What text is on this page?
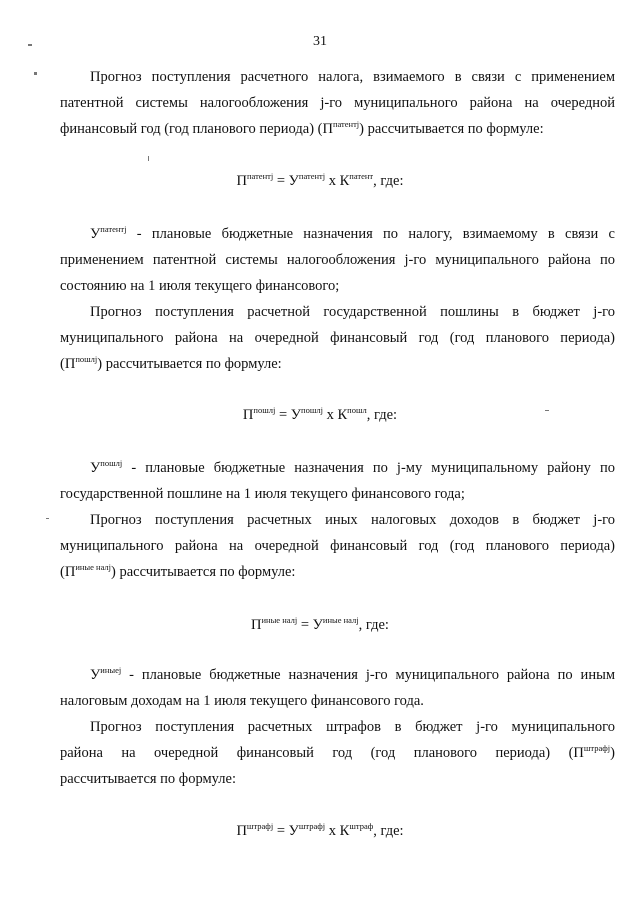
31
Прогноз поступления расчетного налога, взимаемого в связи с применением
патентной системы налогообложения j-го муниципального района на очередной
финансовый год (год планового периода) $(П^{патентj})$ рассчитывается по формуле:
$П^{патентj} = У^{патентj}$ х $К^{патент}$, где:
$У^{патентj}$ - плановые бюджетные назначения по налогу, взимаемому в связи с
применением патентной системы налогообложения j-го муниципального района по
состоянию на 1 июля текущего финансового;
Прогноз поступления расчетной государственной пошлины в бюджет j-го
муниципального района на очередной финансовый год (год планового периода)
$(П^{пошлj})$ рассчитывается по формуле:
$П^{пошлj} = У^{пошлj}$ х $К^{пошл}$, где:
$У^{пошлj}$ - плановые бюджетные назначения по j-му муниципальному району по
государственной пошлине на 1 июля текущего финансового года;
Прогноз поступления расчетных иных налоговых доходов в бюджет j-го
муниципального района на очередной финансовый год (год планового периода)
$(П^{иные налj})$ рассчитывается по формуле:
$П^{иные налj} = У^{иные налj}$, где:
$У^{иныеj}$ - плановые бюджетные назначения j-го муниципального района по иным
налоговым доходам на 1 июля текущего финансового года.
Прогноз поступления расчетных штрафов в бюджет j-го муниципального
района на очередной финансовый год (год планового периода) $(П^{штрафj})$
рассчитывается по формуле:
$П^{штрафj} = У^{штрафj}$ х $К^{штраф}$, где:
